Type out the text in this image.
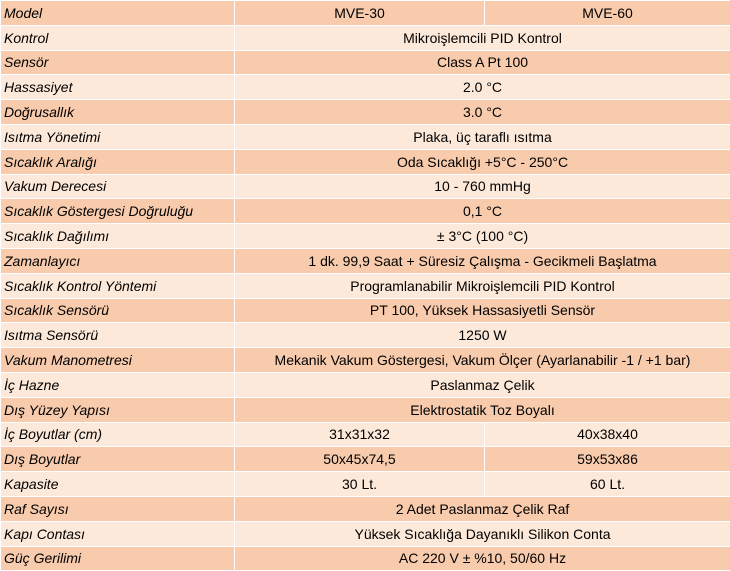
Model	MVE-30	MVE-60
Kontrol	Mikroişlemcili PID Kontrol	
Sensör	Class A Pt 100	
Hassasiyet	2.0 °C	
Doğrusallık	3.0 °C	
Isıtma Yönetimi	Plaka, üç taraflı ısıtma	
Sıcaklık Aralığı	Oda Sıcaklığı +5°C - 250°C	
Vakum Derecesi	10 - 760 mmHg	
Sıcaklık Göstergesi Doğruluğu	0,1 °C	
Sıcaklık Dağılımı	± 3°C (100 °C)	
Zamanlayıcı	1 dk. 99,9 Saat + Süresiz Çalışma - Gecikmeli Başlatma	
Sıcaklık Kontrol Yöntemi	Programlanabilir Mikroişlemcili PID Kontrol	
Sıcaklık Sensörü	PT 100, Yüksek Hassasiyetli Sensör	
Isıtma Sensörü	1250 W	
Vakum Manometresi	Mekanik Vakum Göstergesi, Vakum Ölçer (Ayarlanabilir -1 / +1 bar)	
İç Hazne	Paslanmaz Çelik	
Dış Yüzey Yapısı	Elektrostatik Toz Boyalı	
İç Boyutlar (cm)	31x31x32	40x38x40
Dış Boyutlar	50x45x74,5	59x53x86
Kapasite	30 Lt.	60 Lt.
Raf Sayısı	2 Adet Paslanmaz Çelik Raf	
Kapı Contası	Yüksek Sıcaklığa Dayanıklı Silikon Conta	
Güç Gerilimi	AC 220 V ± %10, 50/60 Hz	
